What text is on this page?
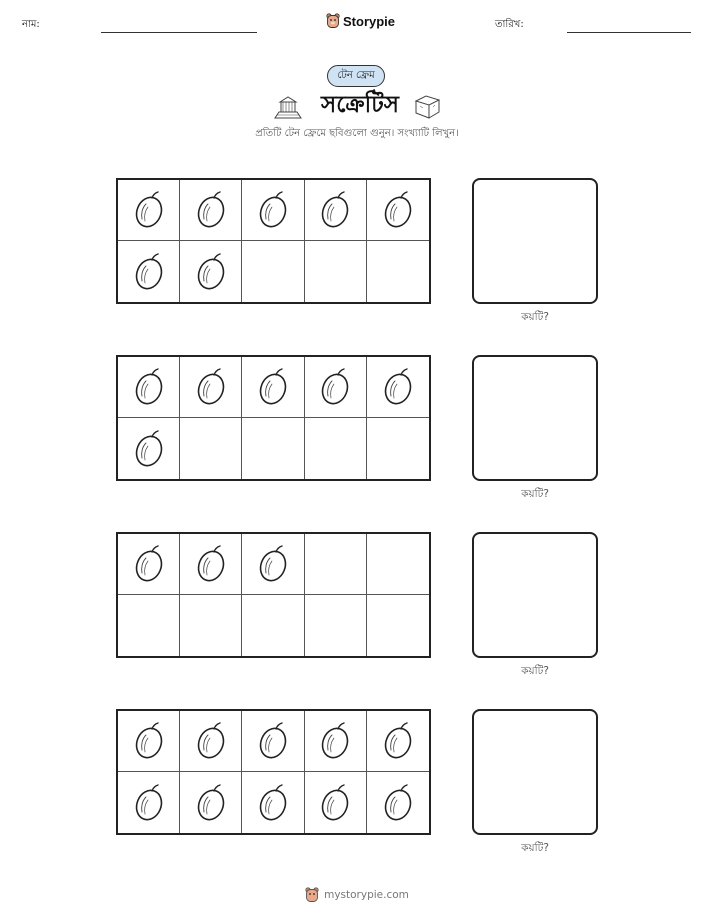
নাম:	Storypie	তারিখ:
টেন ফ্রেম
সক্রেটিস
প্রতিটি টেন ফ্রেমে ছবিগুলো গুনুন। সংখ্যাটি লিখুন।
কয়টি?
কয়টি?
কয়টি?
কয়টি?
mystorypie.com
